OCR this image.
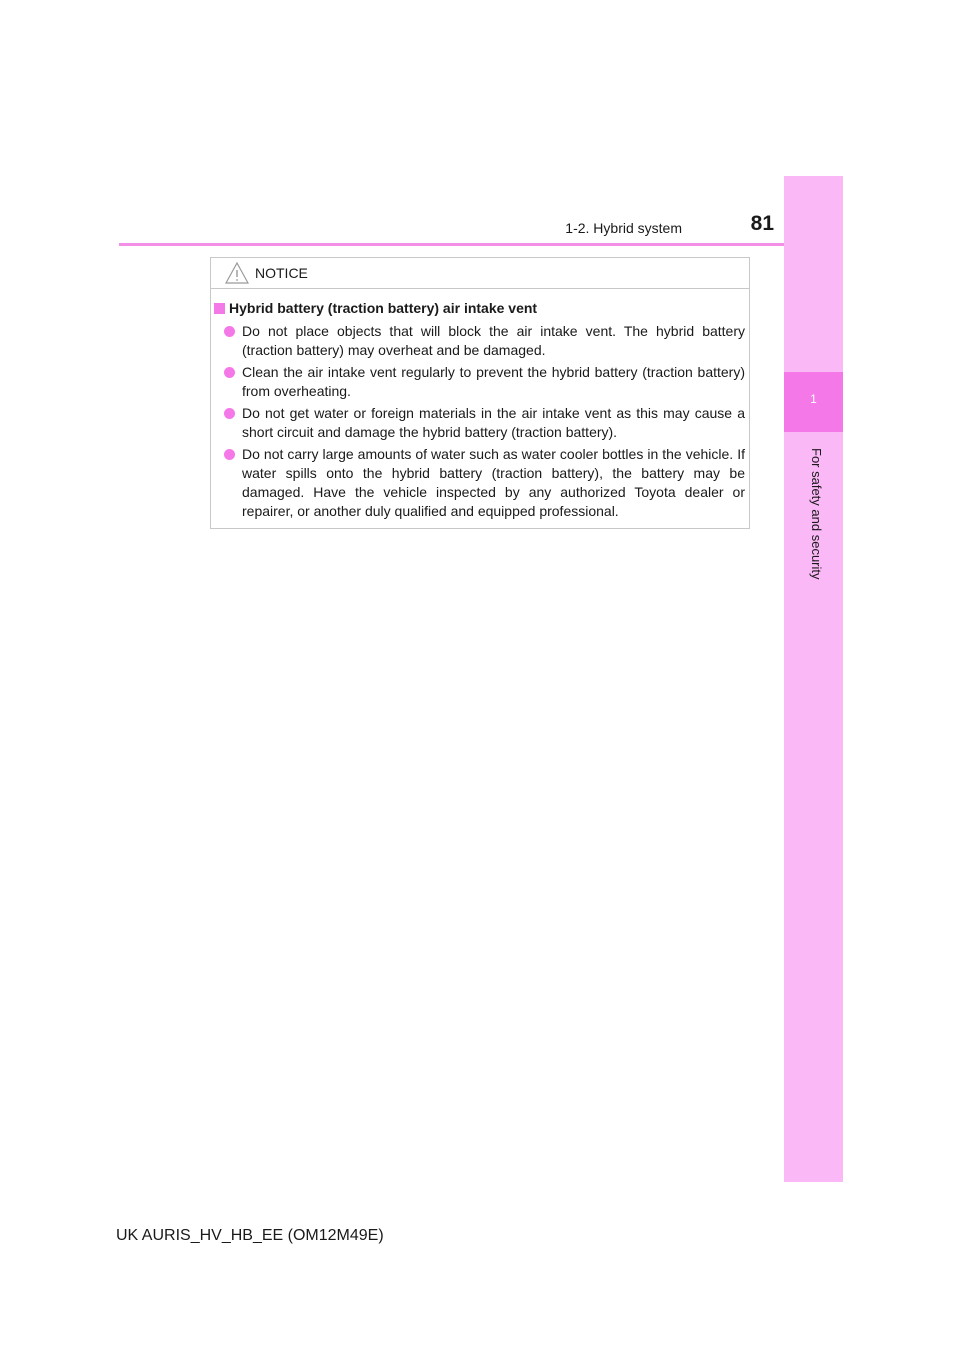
1-2. Hybrid system	81
1
For safety and security
NOTICE
Hybrid battery (traction battery) air intake vent
Do not place objects that will block the air intake vent. The hybrid battery (traction battery) may overheat and be damaged.
Clean the air intake vent regularly to prevent the hybrid battery (traction battery) from overheating.
Do not get water or foreign materials in the air intake vent as this may cause a short circuit and damage the hybrid battery (traction battery).
Do not carry large amounts of water such as water cooler bottles in the vehicle. If water spills onto the hybrid battery (traction battery), the battery may be damaged. Have the vehicle inspected by any authorized Toyota dealer or repairer, or another duly qualified and equipped professional.
UK AURIS_HV_HB_EE (OM12M49E)
